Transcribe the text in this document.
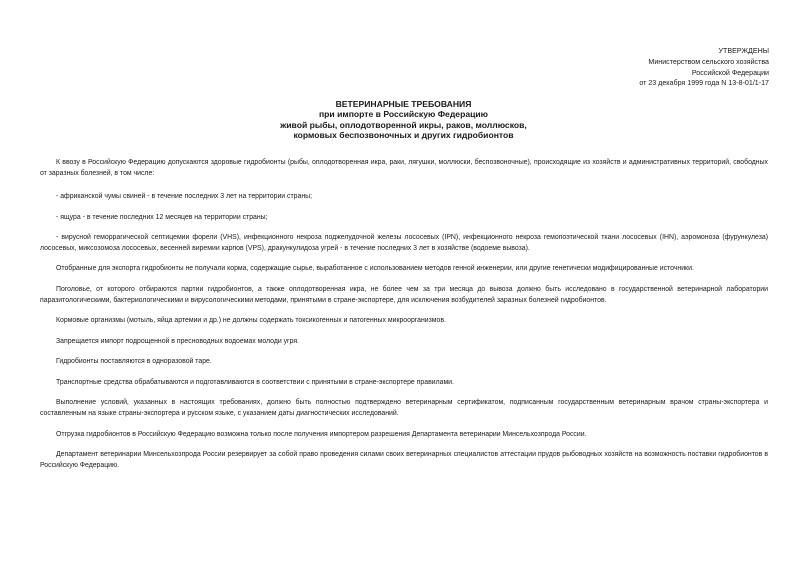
УТВЕРЖДЕНЫ
Министерством сельского хозяйства
Российской Федерации
от 23 декабря 1999 года N 13-8-01/1-17
ВЕТЕРИНАРНЫЕ ТРЕБОВАНИЯ
при импорте в Российскую Федерацию
живой рыбы, оплодотворенной икры, раков, моллюсков,
кормовых беспозвоночных и других гидробионтов

К ввозу в Российскую Федерацию допускаются здоровые гидробионты (рыбы, оплодотворенная икра, раки, лягушки, моллюски, беспозвоночные), происходящие из хозяйств и административных территорий, свободных от заразных болезней, в том числе:

- африканской чумы свиней - в течение последних 3 лет на территории страны;

- ящура - в течение последних 12 месяцев на территории страны;

- вирусной геморрагической септицемии форели (VHS), инфекционного некроза поджелудочной железы лососевых (IPN), инфекционного некроза гемопоэтической ткани лососевых (IHN), аэромоноза (фурункулеза) лососевых, миксозомоза лососевых, весенней виремии карпов (VPS), дракункулидоза угрей - в течение последних 3 лет в хозяйстве (водоеме вывоза).

Отобранные для экспорта гидробионты не получали корма, содержащие сырье, выработанное с использованием методов генной инженерии, или другие генетически модифицированные источники.

Поголовье, от которого отбираются партии гидробионтов, а также оплодотворенная икра, не более чем за три месяца до вывоза должно быть исследовано в государственной ветеринарной лаборатории паразитологическими, бактериологическими и вирусологическими методами, принятыми в стране-экспортере, для исключения возбудителей заразных болезней гидробионтов.

Кормовые организмы (мотыль, яйца артемии и др.) не должны содержать токсикогенных и патогенных микроорганизмов.

Запрещается импорт подрощенной в пресноводных водоемах молоди угря.

Гидробионты поставляются в одноразовой таре.

Транспортные средства обрабатываются и подготавливаются в соответствии с принятыми в стране-экспортере правилами.

Выполнение условий, указанных в настоящих требованиях, должно быть полностью подтверждено ветеринарным сертификатом, подписанным государственным ветеринарным врачом страны-экспортера и составленным на языке страны-экспортера и русском языке, с указанием даты диагностических исследований.

Отгрузка гидробионтов в Российскую Федерацию возможна только после получения импортером разрешения Департамента ветеринарии Минсельхозпрода России.

Департамент ветеринарии Минсельхозпрода России резервирует за собой право проведения силами своих ветеринарных специалистов аттестации прудов рыбоводных хозяйств на возможность поставки гидробионтов в Российскую Федерацию.
